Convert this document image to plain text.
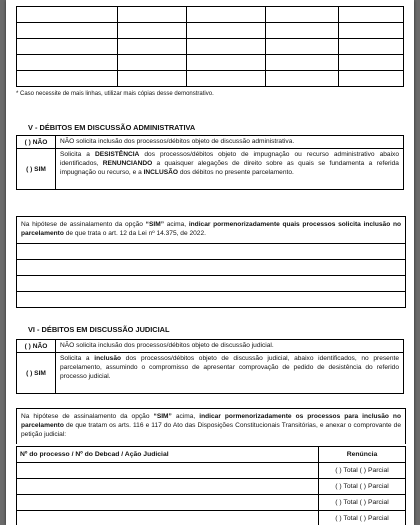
* Caso necessite de mais linhas, utilizar mais cópias desse demonstrativo.
V - DÉBITOS EM DISCUSSÃO ADMINISTRATIVA
( ) NÃO	NÃO solicita inclusão dos processos/débitos objeto de discussão administrativa.
( ) SIM	Solicita a DESISTÊNCIA dos processos/débitos objeto de impugnação ou recurso administrativo abaixo identificados, RENUNCIANDO a quaisquer alegações de direito sobre as quais se fundamenta a referida impugnação ou recurso, e a INCLUSÃO dos débitos no presente parcelamento.
Na hipótese de assinalamento da opção “SIM” acima, indicar pormenorizadamente quais processos solicita inclusão no parcelamento de que trata o art. 12 da Lei nº 14.375, de 2022.
VI - DÉBITOS EM DISCUSSÃO JUDICIAL
( ) NÃO	NÃO solicita inclusão dos processos/débitos objeto de discussão judicial.
( ) SIM	Solicita a inclusão dos processos/débitos objeto de discussão judicial, abaixo identificados, no presente parcelamento, assumindo o compromisso de apresentar comprovação de pedido de desistência do referido processo judicial.
Na hipótese de assinalamento da opção “SIM” acima, indicar pormenorizadamente os processos para inclusão no parcelamento de que tratam os arts. 116 e 117 do Ato das Disposições Constitucionais Transitórias, e anexar o comprovante de petição judicial:
Nº do processo / Nº do Debcad / Ação Judicial	Renúncia
	( ) Total ( ) Parcial
	( ) Total ( ) Parcial
	( ) Total ( ) Parcial
	( ) Total ( ) Parcial
